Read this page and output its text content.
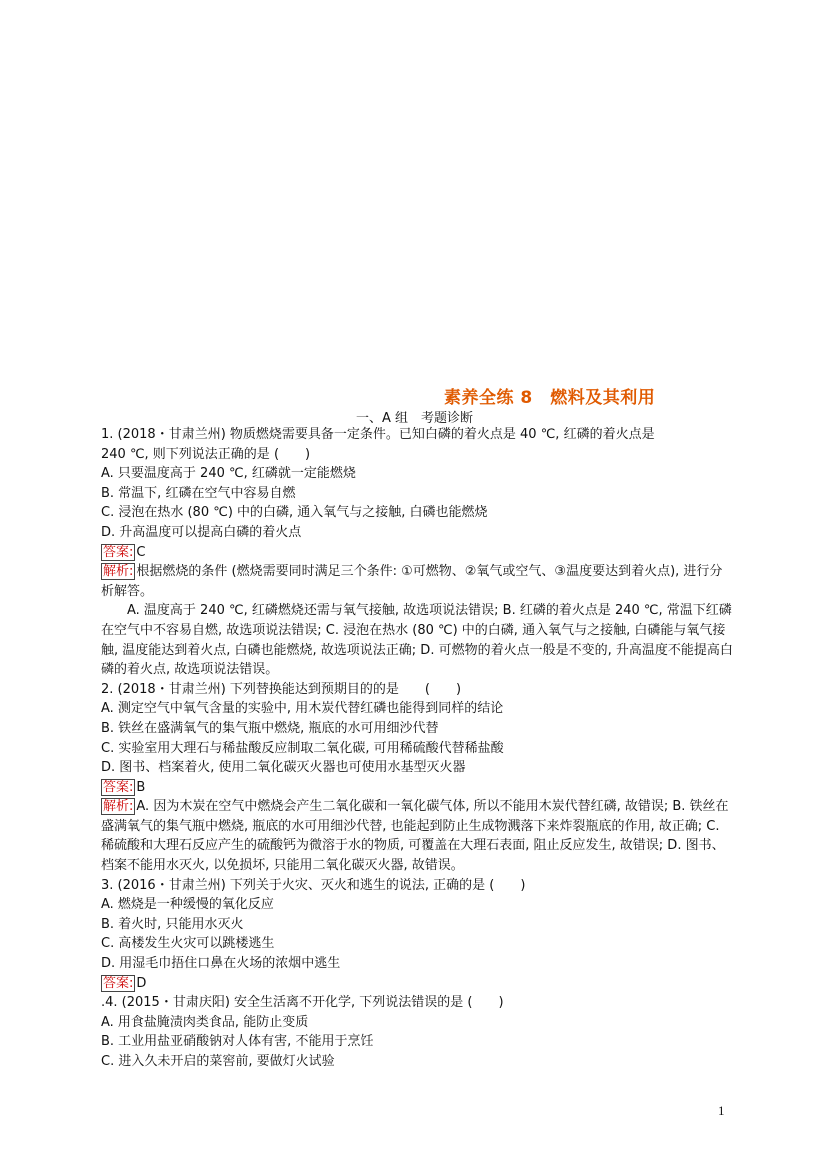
素养全练 8　燃料及其利用
一、A 组　考题诊断
1. (2018・甘肃兰州) 物质燃烧需要具备一定条件。已知白磷的着火点是 40 ℃, 红磷的着火点是
240 ℃, 则下列说法正确的是 (　　)
A. 只要温度高于 240 ℃, 红磷就一定能燃烧
B. 常温下, 红磷在空气中容易自燃
C. 浸泡在热水 (80 ℃) 中的白磷, 通入氧气与之接触, 白磷也能燃烧
D. 升高温度可以提高白磷的着火点
答案: C
解析: 根据燃烧的条件 (燃烧需要同时满足三个条件: ①可燃物、②氧气或空气、③温度要达到着火点), 进行分析解答。
A. 温度高于 240 ℃, 红磷燃烧还需与氧气接触, 故选项说法错误; B. 红磷的着火点是 240 ℃, 常温下红磷在空气中不容易自燃, 故选项说法错误; C. 浸泡在热水 (80 ℃) 中的白磷, 通入氧气与之接触, 白磷能与氧气接触, 温度能达到着火点, 白磷也能燃烧, 故选项说法正确; D. 可燃物的着火点一般是不变的, 升高温度不能提高白磷的着火点, 故选项说法错误。
2. (2018・甘肃兰州) 下列替换能达到预期目的的是　　(　　)
A. 测定空气中氧气含量的实验中, 用木炭代替红磷也能得到同样的结论
B. 铁丝在盛满氧气的集气瓶中燃烧, 瓶底的水可用细沙代替
C. 实验室用大理石与稀盐酸反应制取二氧化碳, 可用稀硫酸代替稀盐酸
D. 图书、档案着火, 使用二氧化碳灭火器也可使用水基型灭火器
答案: B
解析: A. 因为木炭在空气中燃烧会产生二氧化碳和一氧化碳气体, 所以不能用木炭代替红磷, 故错误; B. 铁丝在盛满氧气的集气瓶中燃烧, 瓶底的水可用细沙代替, 也能起到防止生成物溅落下来炸裂瓶底的作用, 故正确; C. 稀硫酸和大理石反应产生的硫酸钙为微溶于水的物质, 可覆盖在大理石表面, 阻止反应发生, 故错误; D. 图书、档案不能用水灭火, 以免损坏, 只能用二氧化碳灭火器, 故错误。
3. (2016・甘肃兰州) 下列关于火灾、灭火和逃生的说法, 正确的是 (　　)
A. 燃烧是一种缓慢的氧化反应
B. 着火时, 只能用水灭火
C. 高楼发生火灾可以跳楼逃生
D. 用湿毛巾捂住口鼻在火场的浓烟中逃生
答案: D
.4. (2015・甘肃庆阳) 安全生活离不开化学, 下列说法错误的是 (　　)
A. 用食盐腌渍肉类食品, 能防止变质
B. 工业用盐亚硝酸钠对人体有害, 不能用于烹饪
C. 进入久未开启的菜窖前, 要做灯火试验
1
